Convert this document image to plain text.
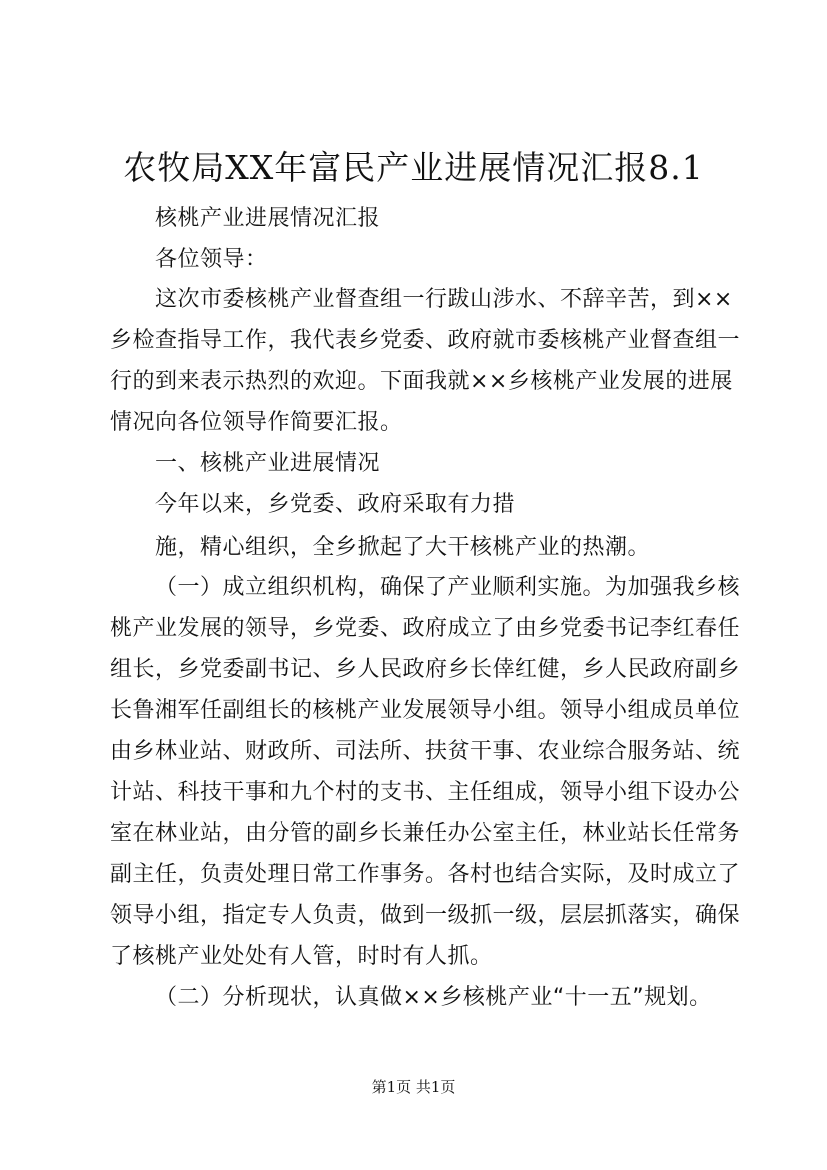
农牧局XX年富民产业进展情况汇报8.1
核桃产业进展情况汇报
各位领导：
这次市委核桃产业督查组一行跋山涉水、不辞辛苦，到××
乡检查指导工作，我代表乡党委、政府就市委核桃产业督查组一
行的到来表示热烈的欢迎。下面我就××乡核桃产业发展的进展
情况向各位领导作简要汇报。
一、核桃产业进展情况
今年以来，乡党委、政府采取有力措
施，精心组织，全乡掀起了大干核桃产业的热潮。
（一）成立组织机构，确保了产业顺利实施。为加强我乡核
桃产业发展的领导，乡党委、政府成立了由乡党委书记李红春任
组长，乡党委副书记、乡人民政府乡长倖红健，乡人民政府副乡
长鲁湘军任副组长的核桃产业发展领导小组。领导小组成员单位
由乡林业站、财政所、司法所、扶贫干事、农业综合服务站、统
计站、科技干事和九个村的支书、主任组成，领导小组下设办公
室在林业站，由分管的副乡长兼任办公室主任，林业站长任常务
副主任，负责处理日常工作事务。各村也结合实际，及时成立了
领导小组，指定专人负责，做到一级抓一级，层层抓落实，确保
了核桃产业处处有人管，时时有人抓。
（二）分析现状，认真做××乡核桃产业“十一五”规划。
第1页 共1页
